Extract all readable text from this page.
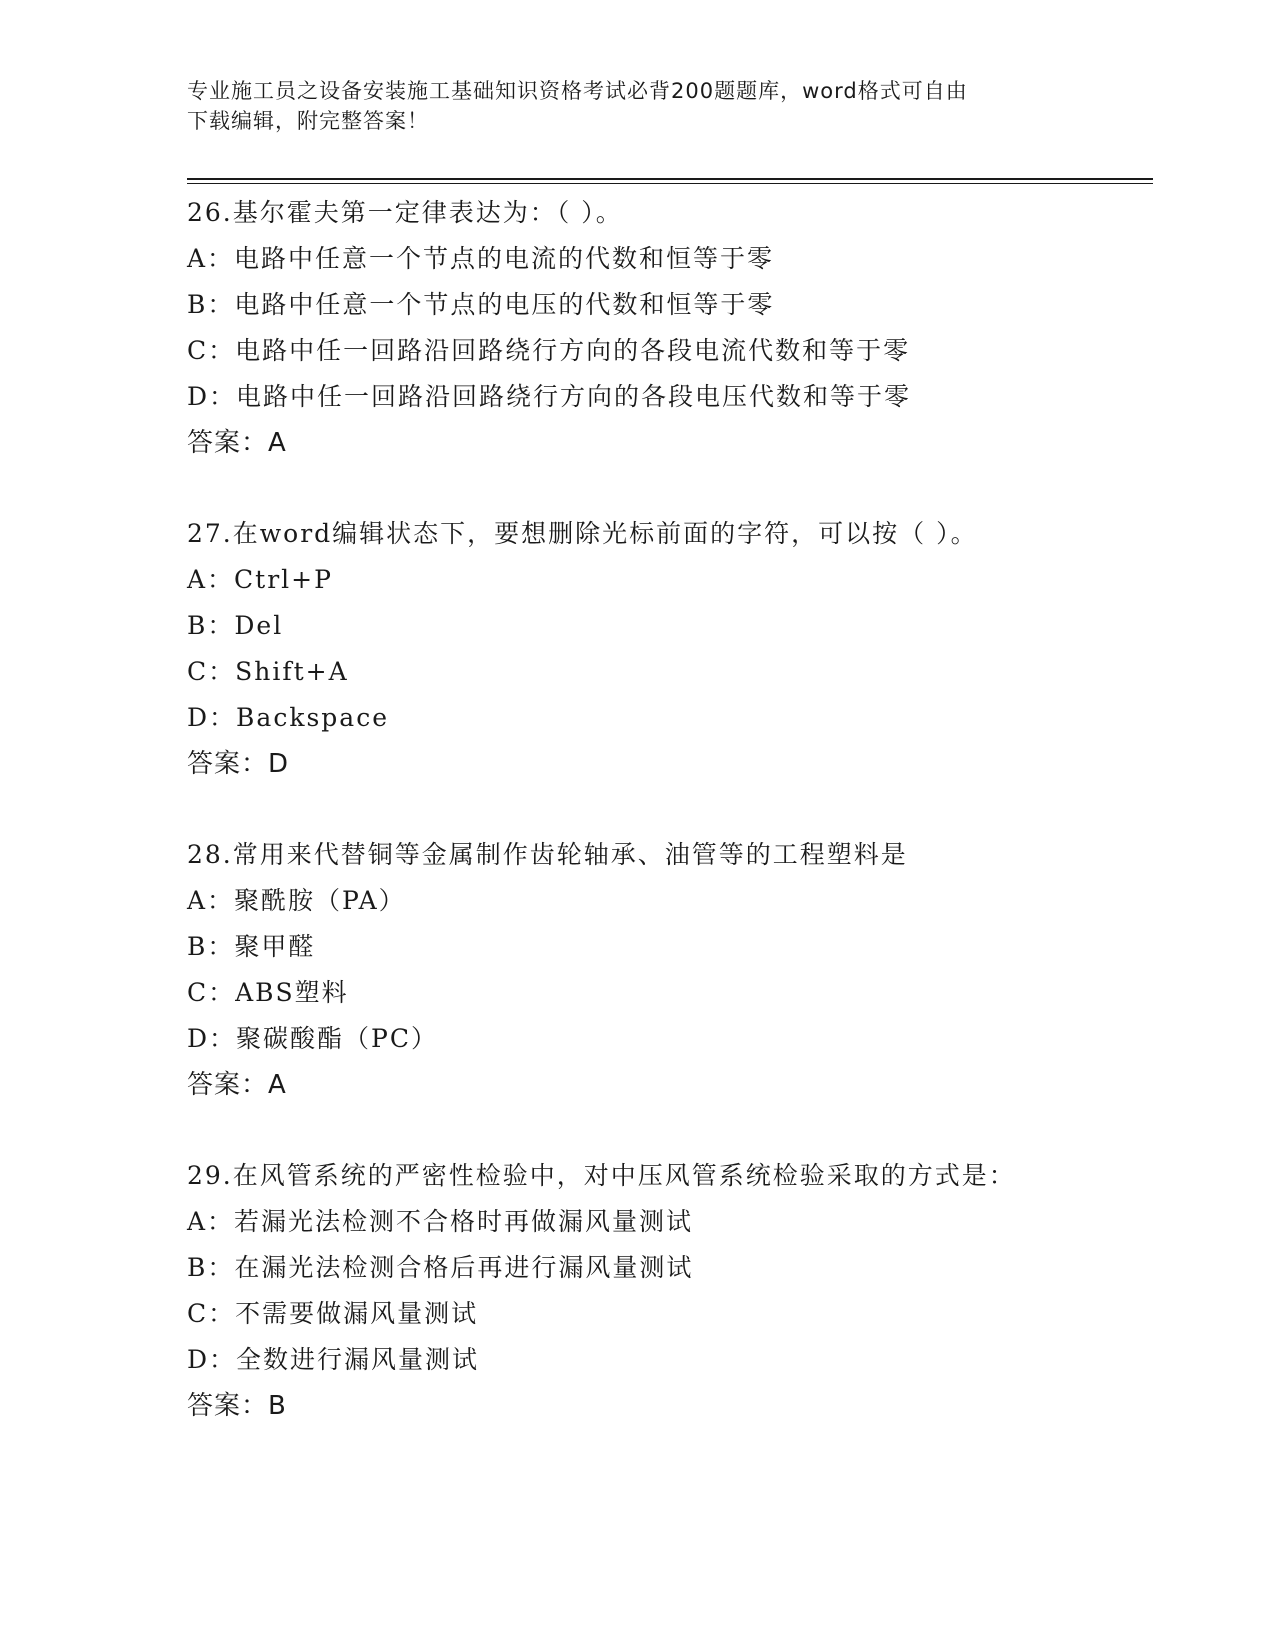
专业施工员之设备安装施工基础知识资格考试必背200题题库，word格式可自由
下载编辑，附完整答案！
26.基尔霍夫第一定律表达为：（ ）。
A：电路中任意一个节点的电流的代数和恒等于零
B：电路中任意一个节点的电压的代数和恒等于零
C：电路中任一回路沿回路绕行方向的各段电流代数和等于零
D：电路中任一回路沿回路绕行方向的各段电压代数和等于零
答案：A
27.在word编辑状态下，要想删除光标前面的字符，可以按（ ）。
A：Ctrl+P
B：Del
C：Shift+A
D：Backspace
答案：D
28.常用来代替铜等金属制作齿轮轴承、油管等的工程塑料是
A：聚酰胺（PA）
B：聚甲醛
C：ABS塑料
D：聚碳酸酯（PC）
答案：A
29.在风管系统的严密性检验中，对中压风管系统检验采取的方式是：
A：若漏光法检测不合格时再做漏风量测试
B：在漏光法检测合格后再进行漏风量测试
C：不需要做漏风量测试
D：全数进行漏风量测试
答案：B
